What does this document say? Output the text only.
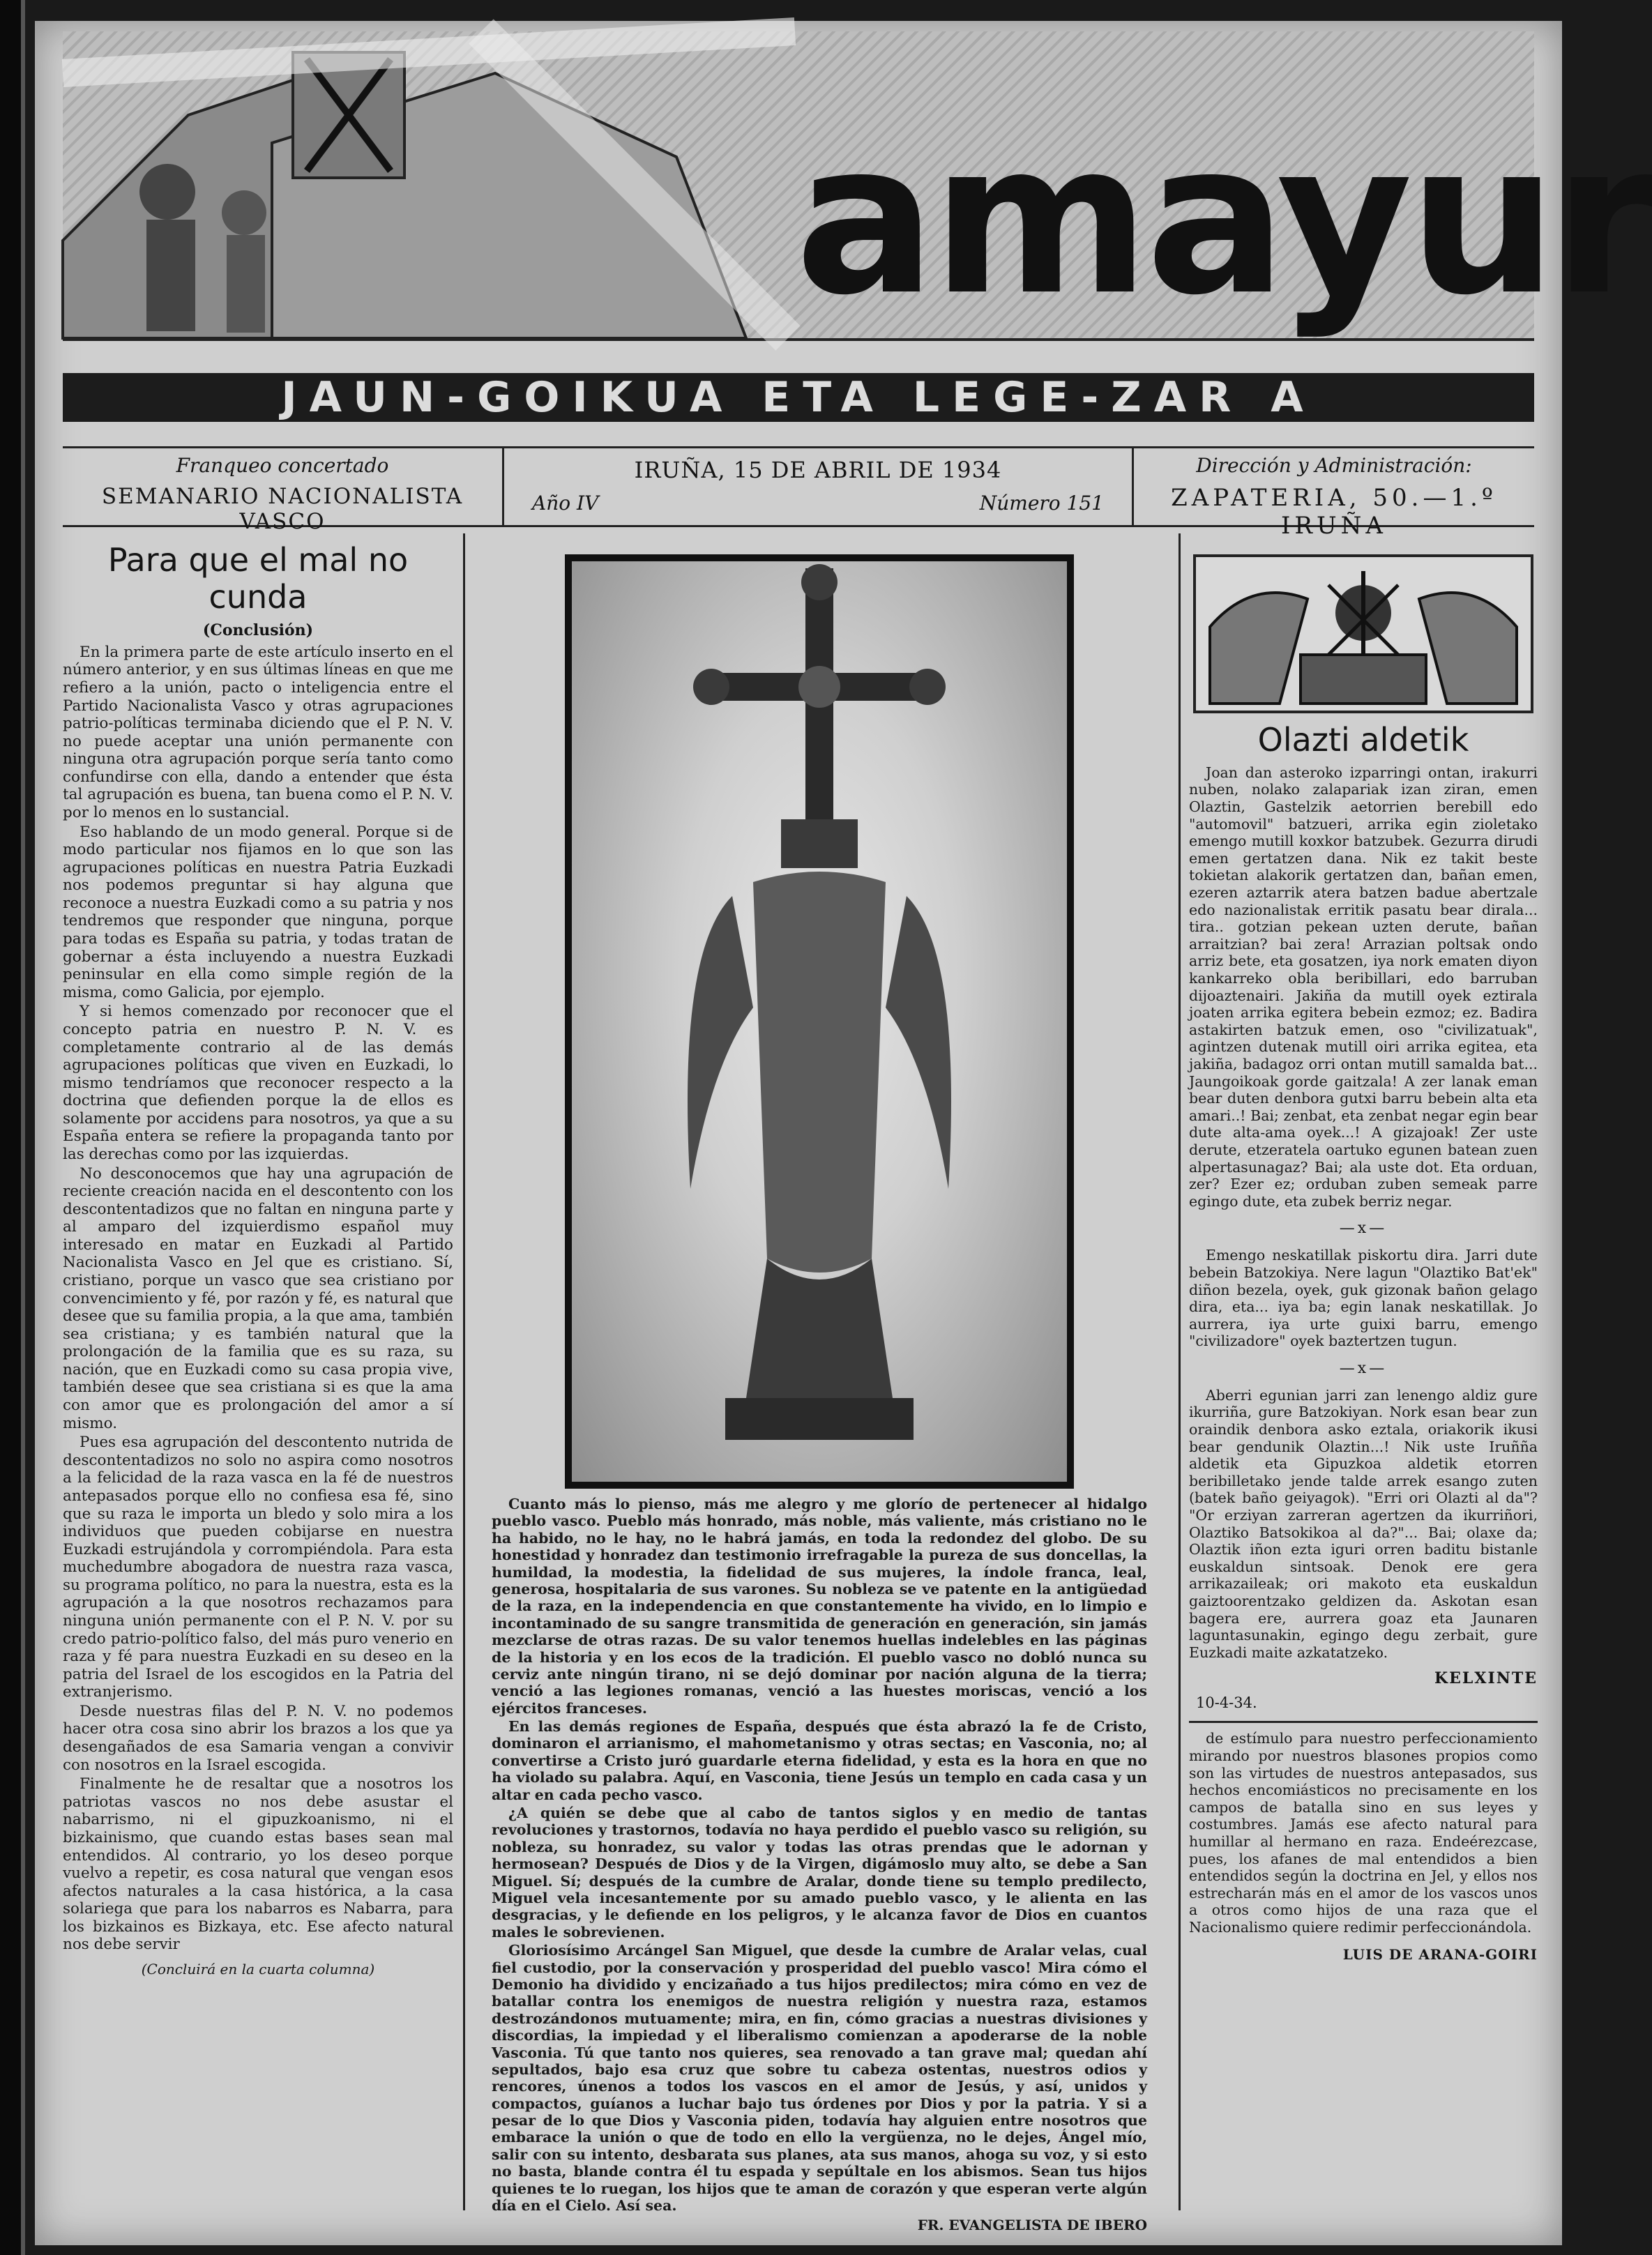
amayur
JAUN-GOIKUA ETA LEGE-ZAR A
Franqueo concertado
SEMANARIO NACIONALISTA VASCO
IRUÑA, 15 DE ABRIL DE 1934
Año IV	Número 151
Dirección y Administración:
ZAPATERIA, 50.—1.º IRUÑA
Para que el mal no cunda
(Conclusión)

En la primera parte de este artículo inserto en el número anterior, y en sus últimas líneas en que me refiero a la unión, pacto o inteligencia entre el Partido Nacionalista Vasco y otras agrupaciones patrio-políticas terminaba diciendo que el P. N. V. no puede aceptar una unión permanente con ninguna otra agrupación porque sería tanto como confundirse con ella, dando a entender que ésta tal agrupación es buena, tan buena como el P. N. V. por lo menos en lo sustancial.

Eso hablando de un modo general. Porque si de modo particular nos fijamos en lo que son las agrupaciones políticas en nuestra Patria Euzkadi nos podemos preguntar si hay alguna que reconoce a nuestra Euzkadi como a su patria y nos tendremos que responder que ninguna, porque para todas es España su patria, y todas tratan de gobernar a ésta incluyendo a nuestra Euzkadi peninsular en ella como simple región de la misma, como Galicia, por ejemplo.

Y si hemos comenzado por reconocer que el concepto patria en nuestro P. N. V. es completamente contrario al de las demás agrupaciones políticas que viven en Euzkadi, lo mismo tendríamos que reconocer respecto a la doctrina que defienden porque la de ellos es solamente por accidens para nosotros, ya que a su España entera se refiere la propaganda tanto por las derechas como por las izquierdas.

No desconocemos que hay una agrupación de reciente creación nacida en el descontento con los descontentadizos que no faltan en ninguna parte y al amparo del izquierdismo español muy interesado en matar en Euzkadi al Partido Nacionalista Vasco en Jel que es cristiano. Sí, cristiano, porque un vasco que sea cristiano por convencimiento y fé, por razón y fé, es natural que desee que su familia propia, a la que ama, también sea cristiana; y es también natural que la prolongación de la familia que es su raza, su nación, que en Euzkadi como su casa propia vive, también desee que sea cristiana si es que la ama con amor que es prolongación del amor a sí mismo.

Pues esa agrupación del descontento nutrida de descontentadizos no solo no aspira como nosotros a la felicidad de la raza vasca en la fé de nuestros antepasados porque ello no confiesa esa fé, sino que su raza le importa un bledo y solo mira a los individuos que pueden cobijarse en nuestra Euzkadi estrujándola y corrompiéndola. Para esta muchedumbre abogadora de nuestra raza vasca, su programa político, no para la nuestra, esta es la agrupación a la que nosotros rechazamos para ninguna unión permanente con el P. N. V. por su credo patrio-político falso, del más puro venerio en raza y fé para nuestra Euzkadi en su deseo en la patria del Israel de los escogidos en la Patria del extranjerismo.

Desde nuestras filas del P. N. V. no podemos hacer otra cosa sino abrir los brazos a los que ya desengañados de esa Samaria vengan a convivir con nosotros en la Israel escogida.

Finalmente he de resaltar que a nosotros los patriotas vascos no nos debe asustar el nabarrismo, ni el gipuzkoanismo, ni el bizkainismo, que cuando estas bases sean mal entendidos. Al contrario, yo los deseo porque vuelvo a repetir, es cosa natural que vengan esos afectos naturales a la casa histórica, a la casa solariega que para los nabarros es Nabarra, para los bizkainos es Bizkaya, etc. Ese afecto natural nos debe servir

(Concluirá en la cuarta columna)

Cuanto más lo pienso, más me alegro y me glorío de pertenecer al hidalgo pueblo vasco. Pueblo más honrado, más noble, más valiente, más cristiano no le ha habido, no le hay, no le habrá jamás, en toda la redondez del globo. De su honestidad y honradez dan testimonio irrefragable la pureza de sus doncellas, la humildad, la modestia, la fidelidad de sus mujeres, la índole franca, leal, generosa, hospitalaria de sus varones. Su nobleza se ve patente en la antigüedad de la raza, en la independencia en que constantemente ha vivido, en lo limpio e incontaminado de su sangre transmitida de generación en generación, sin jamás mezclarse de otras razas. De su valor tenemos huellas indelebles en las páginas de la historia y en los ecos de la tradición. El pueblo vasco no dobló nunca su cerviz ante ningún tirano, ni se dejó dominar por nación alguna de la tierra; venció a las legiones romanas, venció a las huestes moriscas, venció a los ejércitos franceses.

En las demás regiones de España, después que ésta abrazó la fe de Cristo, dominaron el arrianismo, el mahometanismo y otras sectas; en Vasconia, no; al convertirse a Cristo juró guardarle eterna fidelidad, y esta es la hora en que no ha violado su palabra. Aquí, en Vasconia, tiene Jesús un templo en cada casa y un altar en cada pecho vasco.

¿A quién se debe que al cabo de tantos siglos y en medio de tantas revoluciones y trastornos, todavía no haya perdido el pueblo vasco su religión, su nobleza, su honradez, su valor y todas las otras prendas que le adornan y hermosean? Después de Dios y de la Virgen, digámoslo muy alto, se debe a San Miguel. Sí; después de la cumbre de Aralar, donde tiene su templo predilecto, Miguel vela incesantemente por su amado pueblo vasco, y le alienta en las desgracias, y le defiende en los peligros, y le alcanza favor de Dios en cuantos males le sobrevienen.

Gloriosísimo Arcángel San Miguel, que desde la cumbre de Aralar velas, cual fiel custodio, por la conservación y prosperidad del pueblo vasco! Mira cómo el Demonio ha dividido y encizañado a tus hijos predilectos; mira cómo en vez de batallar contra los enemigos de nuestra religión y nuestra raza, estamos destrozándonos mutuamente; mira, en fin, cómo gracias a nuestras divisiones y discordias, la impiedad y el liberalismo comienzan a apoderarse de la noble Vasconia. Tú que tanto nos quieres, sea renovado a tan grave mal; quedan ahí sepultados, bajo esa cruz que sobre tu cabeza ostentas, nuestros odios y rencores, únenos a todos los vascos en el amor de Jesús, y así, unidos y compactos, guíanos a luchar bajo tus órdenes por Dios y por la patria. Y si a pesar de lo que Dios y Vasconia piden, todavía hay alguien entre nosotros que embarace la unión o que de todo en ello la vergüenza, no le dejes, Ángel mío, salir con su intento, desbarata sus planes, ata sus manos, ahoga su voz, y si esto no basta, blande contra él tu espada y sepúltale en los abismos. Sean tus hijos quienes te lo ruegan, los hijos que te aman de corazón y que esperan verte algún día en el Cielo. Así sea.

FR. EVANGELISTA DE IBERO
Olazti aldetik

Joan dan asteroko izparringi ontan, irakurri nuben, nolako zalapariak izan ziran, emen Olaztin, Gastelzik aetorrien berebill edo "automovil" batzueri, arrika egin zioletako emengo mutill koxkor batzubek. Gezurra dirudi emen gertatzen dana. Nik ez takit beste tokietan alakorik gertatzen dan, bañan emen, ezeren aztarrik atera batzen badue abertzale edo nazionalistak erritik pasatu bear dirala... tira.. gotzian pekean uzten derute, bañan arraitzian? bai zera! Arrazian poltsak ondo arriz bete, eta gosatzen, iya nork ematen diyon kankarreko obla beribillari, edo barruban dijoaztenairi. Jakiña da mutill oyek eztirala joaten arrika egitera bebein ezmoz; ez. Badira astakirten batzuk emen, oso "civilizatuak", agintzen dutenak mutill oiri arrika egitea, eta jakiña, badagoz orri ontan mutill samalda bat... Jaungoikoak gorde gaitzala! A zer lanak eman bear duten denbora gutxi barru bebein alta eta amari..! Bai; zenbat, eta zenbat negar egin bear dute alta-ama oyek...! A gizajoak! Zer uste derute, etzeratela oartuko egunen batean zuen alpertasunagaz? Bai; ala uste dot. Eta orduan, zer? Ezer ez; orduban zuben semeak parre egingo dute, eta zubek berriz negar.

—x—

Emengo neskatillak piskortu dira. Jarri dute bebein Batzokiya. Nere lagun "Olaztiko Bat'ek" diñon bezela, oyek, guk gizonak bañon gelago dira, eta... iya ba; egin lanak neskatillak. Jo aurrera, iya urte guixi barru, emengo "civilizadore" oyek baztertzen tugun.

—x—

Aberri egunian jarri zan lenengo aldiz gure ikurriña, gure Batzokiyan. Nork esan bear zun oraindik denbora asko eztala, oriakorik ikusi bear gendunik Olaztin...! Nik uste Iruñña aldetik eta Gipuzkoa aldetik etorren beribilletako jende talde arrek esango zuten (batek baño geiyagok). "Erri ori Olazti al da"? "Or erziyan zarreran agertzen da ikurriñori, Olaztiko Batsokikoa al da?"... Bai; olaxe da; Olaztik iñon ezta iguri orren baditu bistanle euskaldun sintsoak. Denok ere gera arrikazaileak; ori makoto eta euskaldun gaiztoorentzako geldizen da. Askotan esan bagera ere, aurrera goaz eta Jaunaren laguntasunakin, egingo degu zerbait, gure Euzkadi maite azkatatzeko.

KELXINTE
10-4-34.

de estímulo para nuestro perfeccionamiento mirando por nuestros blasones propios como son las virtudes de nuestros antepasados, sus hechos encomiásticos no precisamente en los campos de batalla sino en sus leyes y costumbres. Jamás ese afecto natural para humillar al hermano en raza. Endeérezcase, pues, los afanes de mal entendidos a bien entendidos según la doctrina en Jel, y ellos nos estrecharán más en el amor de los vascos unos a otros como hijos de una raza que el Nacionalismo quiere redimir perfeccionándola.

LUIS DE ARANA-GOIRI
